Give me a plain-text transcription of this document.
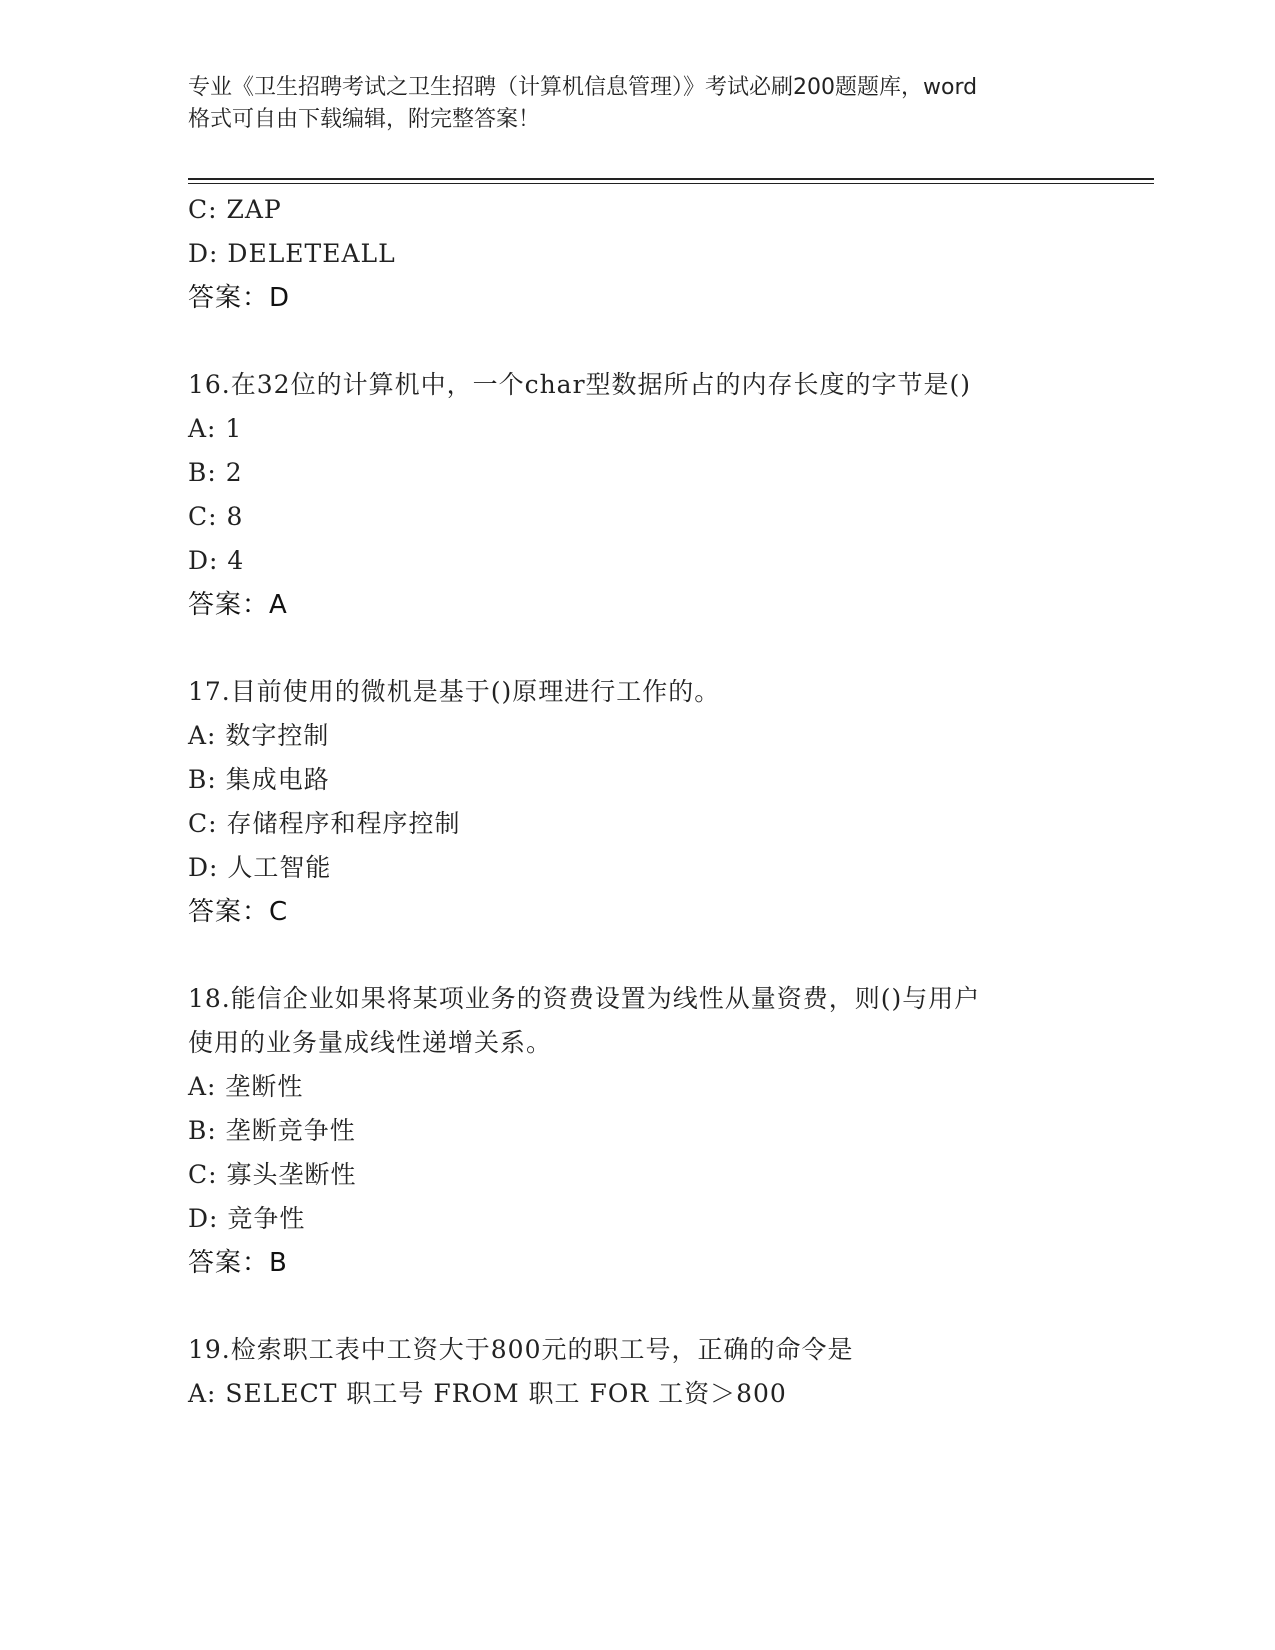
专业《卫生招聘考试之卫生招聘（计算机信息管理）》考试必刷200题题库，word
格式可自由下载编辑，附完整答案！
C: ZAP
D: DELETEALL
答案：D
16.在32位的计算机中，一个char型数据所占的内存长度的字节是()
A: 1
B: 2
C: 8
D: 4
答案：A
17.目前使用的微机是基于()原理进行工作的。
A: 数字控制
B: 集成电路
C: 存储程序和程序控制
D: 人工智能
答案：C
18.能信企业如果将某项业务的资费设置为线性从量资费，则()与用户
使用的业务量成线性递增关系。
A: 垄断性
B: 垄断竞争性
C: 寡头垄断性
D: 竞争性
答案：B
19.检索职工表中工资大于800元的职工号，正确的命令是
A: SELECT 职工号 FROM 职工 FOR 工资＞800
